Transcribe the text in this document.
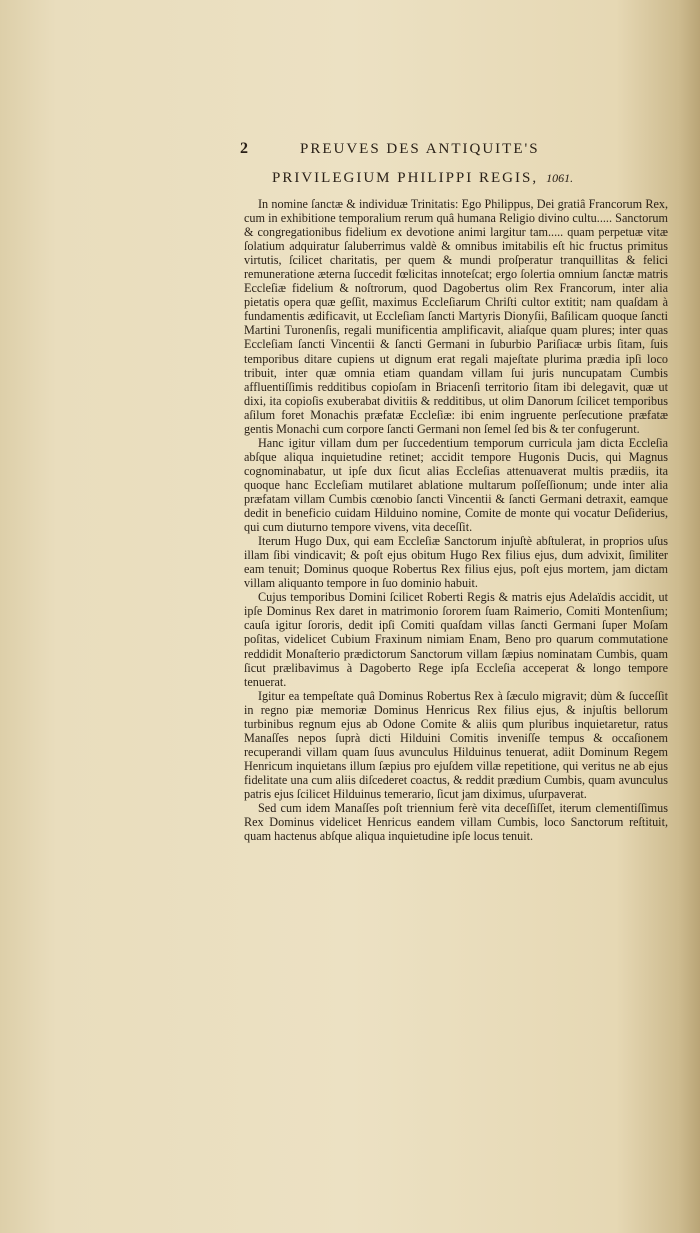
2	PREUVES DES ANTIQUITE'S
PRIVILEGIUM PHILIPPI REGIS, 1061.

In nomine ſanctæ & individuæ Trinitatis: Ego Philippus, Dei gratiâ Francorum Rex, cum in exhibitione temporalium rerum quâ humana Religio divino cultu..... Sanctorum & congregationibus fidelium ex devotione animi largitur tam..... quam perpetuæ vitæ ſolatium adquiratur ſaluberrimus valdè & omnibus imitabilis eſt hic fructus primitus virtutis, ſcilicet charitatis, per quem & mundi proſperatur tranquillitas & felici remuneratione æterna ſuccedit fœlicitas innoteſcat; ergo ſolertia omnium ſanctæ matris Eccleſiæ fidelium & noſtrorum, quod Dagobertus olim Rex Francorum, inter alia pietatis opera quæ geſſit, maximus Eccleſiarum Chriſti cultor extitit; nam quaſdam à fundamentis ædificavit, ut Eccleſiam ſancti Martyris Dionyſii, Baſilicam quoque ſancti Martini Turonenſis, regali munificentia amplificavit, aliaſque quam plures; inter quas Eccleſiam ſancti Vincentii & ſancti Germani in ſuburbio Pariſiacæ urbis ſitam, ſuis temporibus ditare cupiens ut dignum erat regali majeſtate plurima prædia ipſi loco tribuit, inter quæ omnia etiam quandam villam ſui juris nuncupatam Cumbis affluentiſſimis redditibus copioſam in Briacenſi territorio ſitam ibi delegavit, quæ ut dixi, ita copioſis exuberabat divitiis & redditibus, ut olim Danorum ſcilicet temporibus aſilum foret Monachis præfatæ Eccleſiæ: ibi enim ingruente perſecutione præfatæ gentis Monachi cum corpore ſancti Germani non ſemel ſed bis & ter confugerunt.

Hanc igitur villam dum per ſuccedentium temporum curricula jam dicta Eccleſia abſque aliqua inquietudine retinet; accidit tempore Hugonis Ducis, qui Magnus cognominabatur, ut ipſe dux ſicut alias Eccleſias attenuaverat multis prædiis, ita quoque hanc Eccleſiam mutilaret ablatione multarum poſſeſſionum; unde inter alia præfatam villam Cumbis cœnobio ſancti Vincentii & ſancti Germani detraxit, eamque dedit in beneficio cuidam Hilduino nomine, Comite de monte qui vocatur Deſiderius, qui cum diuturno tempore vivens, vita deceſſit.

Iterum Hugo Dux, qui eam Eccleſiæ Sanctorum injuſtè abſtulerat, in proprios uſus illam ſibi vindicavit; & poſt ejus obitum Hugo Rex filius ejus, dum advixit, ſimiliter eam tenuit; Dominus quoque Robertus Rex filius ejus, poſt ejus mortem, jam dictam villam aliquanto tempore in ſuo dominio habuit.

Cujus temporibus Domini ſcilicet Roberti Regis & matris ejus Adelaïdis accidit, ut ipſe Dominus Rex daret in matrimonio ſororem ſuam Raimerio, Comiti Montenſium; cauſa igitur ſororis, dedit ipſi Comiti quaſdam villas ſancti Germani ſuper Moſam poſitas, videlicet Cubium Fraxinum nimiam Enam, Beno pro quarum commutatione reddidit Monaſterio prædictorum Sanctorum villam ſæpius nominatam Cumbis, quam ſicut prælibavimus à Dagoberto Rege ipſa Eccleſia acceperat & longo tempore tenuerat.

Igitur ea tempeſtate quâ Dominus Robertus Rex à ſæculo migravit; dùm & ſucceſſit in regno piæ memoriæ Dominus Henricus Rex filius ejus, & injuſtis bellorum turbinibus regnum ejus ab Odone Comite & aliis qum pluribus inquietaretur, ratus Manaſſes nepos ſuprà dicti Hilduini Comitis inveniſſe tempus & occaſionem recuperandi villam quam ſuus avunculus Hilduinus tenuerat, adiit Dominum Regem Henricum inquietans illum ſæpius pro ejuſdem villæ repetitione, qui veritus ne ab ejus fidelitate una cum aliis diſcederet coactus, & reddit prædium Cumbis, quam avunculus patris ejus ſcilicet Hilduinus temerario, ſicut jam diximus, uſurpaverat.

Sed cum idem Manaſſes poſt triennium ferè vita deceſſiſſet, iterum clementiſſimus Rex Dominus videlicet Henricus eandem villam Cumbis, loco Sanctorum reſtituit, quam hactenus abſque aliqua inquietudine ipſe locus tenuit.
